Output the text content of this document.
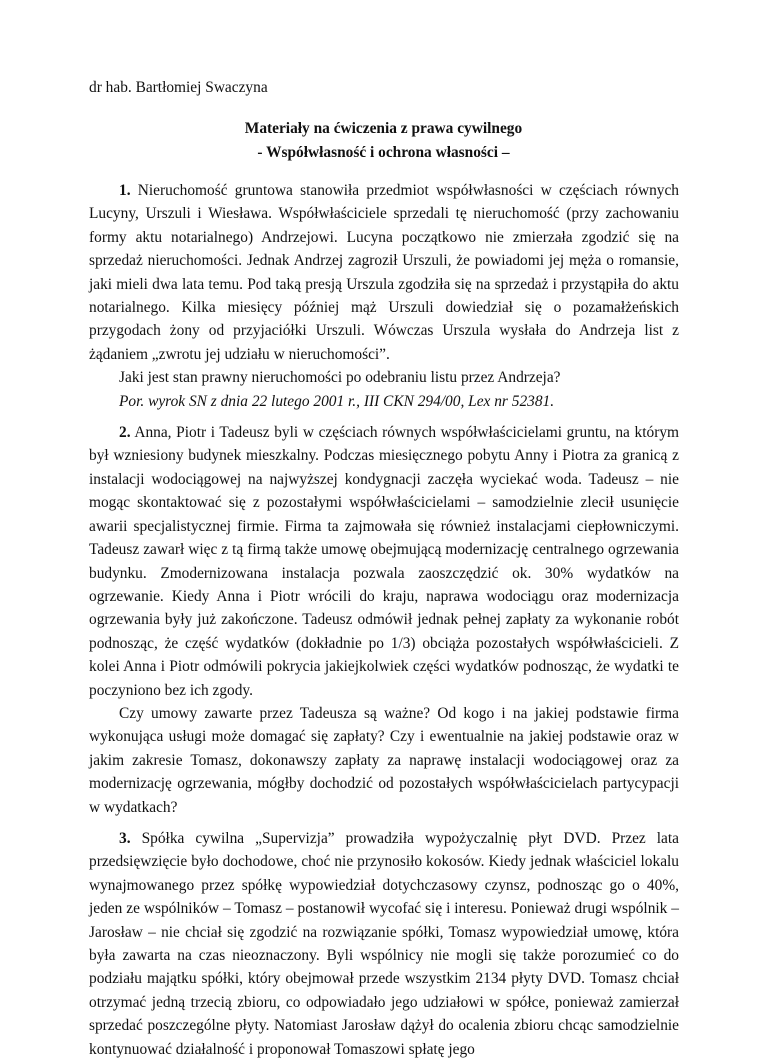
dr hab. Bartłomiej Swaczyna
Materiały na ćwiczenia z prawa cywilnego
- Współwłasność i ochrona własności –

1. Nieruchomość gruntowa stanowiła przedmiot współwłasności w częściach równych Lucyny, Urszuli i Wiesława. Współwłaściciele sprzedali tę nieruchomość (przy zachowaniu formy aktu notarialnego) Andrzejowi. Lucyna początkowo nie zmierzała zgodzić się na sprzedaż nieruchomości. Jednak Andrzej zagroził Urszuli, że powiadomi jej męża o romansie, jaki mieli dwa lata temu. Pod taką presją Urszula zgodziła się na sprzedaż i przystąpiła do aktu notarialnego. Kilka miesięcy później mąż Urszuli dowiedział się o pozamałżeńskich przygodach żony od przyjaciółki Urszuli. Wówczas Urszula wysłała do Andrzeja list z żądaniem „zwrotu jej udziału w nieruchomości”.

Jaki jest stan prawny nieruchomości po odebraniu listu przez Andrzeja?

Por. wyrok SN z dnia 22 lutego 2001 r., III CKN 294/00, Lex nr 52381.

2. Anna, Piotr i Tadeusz byli w częściach równych współwłaścicielami gruntu, na którym był wzniesiony budynek mieszkalny. Podczas miesięcznego pobytu Anny i Piotra za granicą z instalacji wodociągowej na najwyższej kondygnacji zaczęła wyciekać woda. Tadeusz – nie mogąc skontaktować się z pozostałymi współwłaścicielami – samodzielnie zlecił usunięcie awarii specjalistycznej firmie. Firma ta zajmowała się również instalacjami ciepłowniczymi. Tadeusz zawarł więc z tą firmą także umowę obejmującą modernizację centralnego ogrzewania budynku. Zmodernizowana instalacja pozwala zaoszczędzić ok. 30% wydatków na ogrzewanie. Kiedy Anna i Piotr wrócili do kraju, naprawa wodociągu oraz modernizacja ogrzewania były już zakończone. Tadeusz odmówił jednak pełnej zapłaty za wykonanie robót podnosząc, że część wydatków (dokładnie po 1/3) obciąża pozostałych współwłaścicieli. Z kolei Anna i Piotr odmówili pokrycia jakiejkolwiek części wydatków podnosząc, że wydatki te poczyniono bez ich zgody.

Czy umowy zawarte przez Tadeusza są ważne? Od kogo i na jakiej podstawie firma wykonująca usługi może domagać się zapłaty? Czy i ewentualnie na jakiej podstawie oraz w jakim zakresie Tomasz, dokonawszy zapłaty za naprawę instalacji wodociągowej oraz za modernizację ogrzewania, mógłby dochodzić od pozostałych współwłaścicielach partycypacji w wydatkach?

3. Spółka cywilna „Supervizja” prowadziła wypożyczalnię płyt DVD. Przez lata przedsięwzięcie było dochodowe, choć nie przynosiło kokosów. Kiedy jednak właściciel lokalu wynajmowanego przez spółkę wypowiedział dotychczasowy czynsz, podnosząc go o 40%, jeden ze wspólników – Tomasz – postanowił wycofać się i interesu. Ponieważ drugi wspólnik – Jarosław – nie chciał się zgodzić na rozwiązanie spółki, Tomasz wypowiedział umowę, która była zawarta na czas nieoznaczony. Byli wspólnicy nie mogli się także porozumieć co do podziału majątku spółki, który obejmował przede wszystkim 2134 płyty DVD. Tomasz chciał otrzymać jedną trzecią zbioru, co odpowiadało jego udziałowi w spółce, ponieważ zamierzał sprzedać poszczególne płyty. Natomiast Jarosław dążył do ocalenia zbioru chcąc samodzielnie kontynuować działalność i proponował Tomaszowi spłatę jego
